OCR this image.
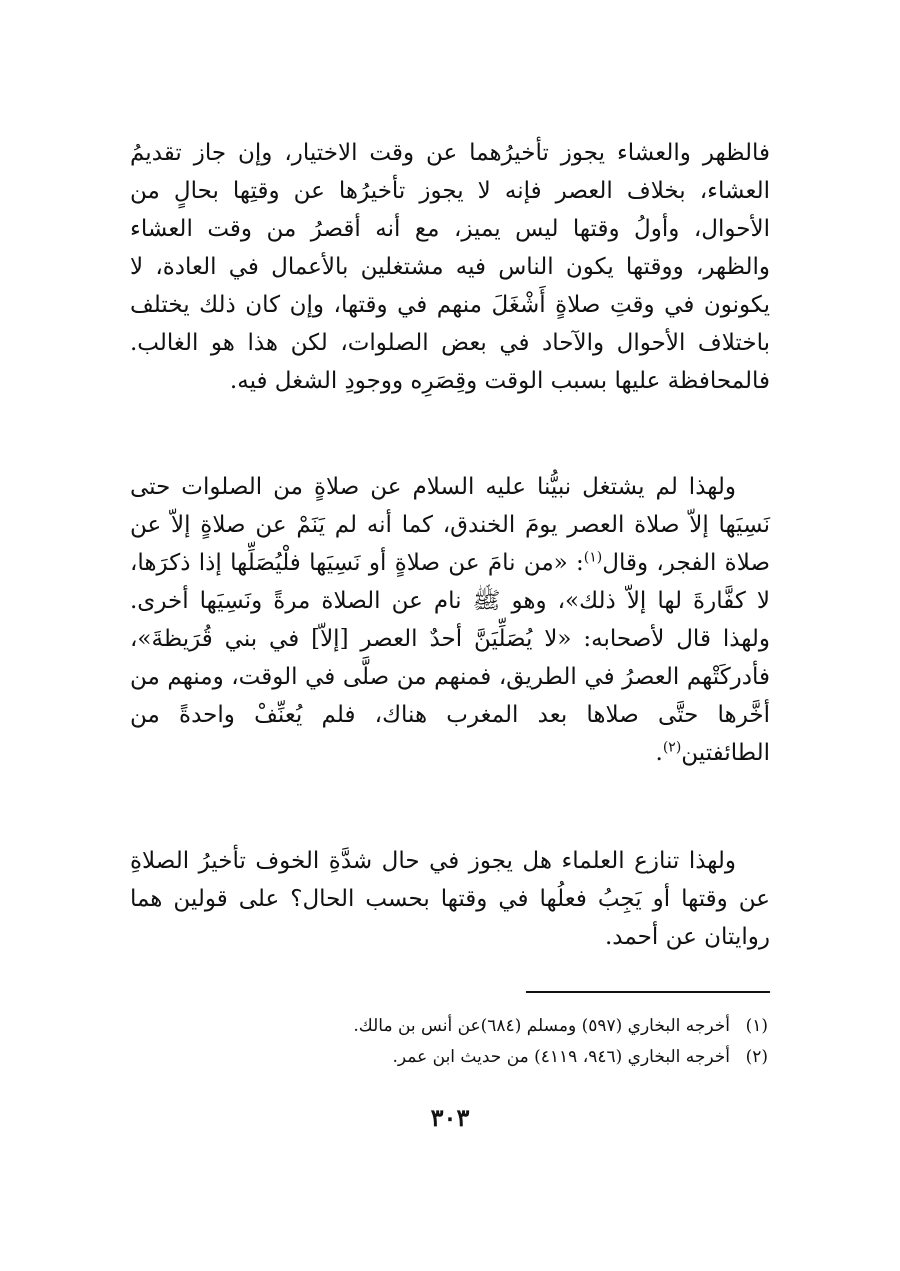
فالظهر والعشاء يجوز تأخيرُهما عن وقت الاختيار، وإن جاز تقديمُ العشاء، بخلاف العصر فإنه لا يجوز تأخيرُها عن وقتِها بحالٍ من الأحوال، وأولُ وقتها ليس يميز، مع أنه أقصرُ من وقت العشاء والظهر، ووقتها يكون الناس فيه مشتغلين بالأعمال في العادة، لا يكونون في وقتِ صلاةٍ أَشْغَلَ منهم في وقتها، وإن كان ذلك يختلف باختلاف الأحوال والآحاد في بعض الصلوات، لكن هذا هو الغالب. فالمحافظة عليها بسبب الوقت وقِصَرِه ووجودِ الشغل فيه.

ولهذا لم يشتغل نبيُّنا عليه السلام عن صلاةٍ من الصلوات حتى نَسِيَها إلاّ صلاة العصر يومَ الخندق، كما أنه لم يَنَمْ عن صلاةٍ إلاّ عن صلاة الفجر، وقال$^{(١)}$: «من نامَ عن صلاةٍ أو نَسِيَها فلْيُصَلِّها إذا ذكرَها، لا كفَّارةَ لها إلاّ ذلك»، وهو ﷺ نام عن الصلاة مرةً ونَسِيَها أخرى. ولهذا قال لأصحابه: «لا يُصَلِّيَنَّ أحدٌ العصر [إلاّ] في بني قُرَيظةَ»، فأدركَتْهم العصرُ في الطريق، فمنهم من صلَّى في الوقت، ومنهم من أخَّرها حتَّى صلاها بعد المغرب هناك، فلم يُعنِّفْ واحدةً من الطائفتين$^{(٢)}$.

ولهذا تنازع العلماء هل يجوز في حال شدَّةِ الخوف تأخيرُ الصلاةِ عن وقتها أو يَجِبُ فعلُها في وقتها بحسب الحال؟ على قولين هما روايتان عن أحمد.

(١)
أخرجه البخاري (٥٩٧) ومسلم (٦٨٤)عن أنس بن مالك.
(٢)
أخرجه البخاري (٩٤٦، ٤١١٩) من حديث ابن عمر.
٣٠٣
